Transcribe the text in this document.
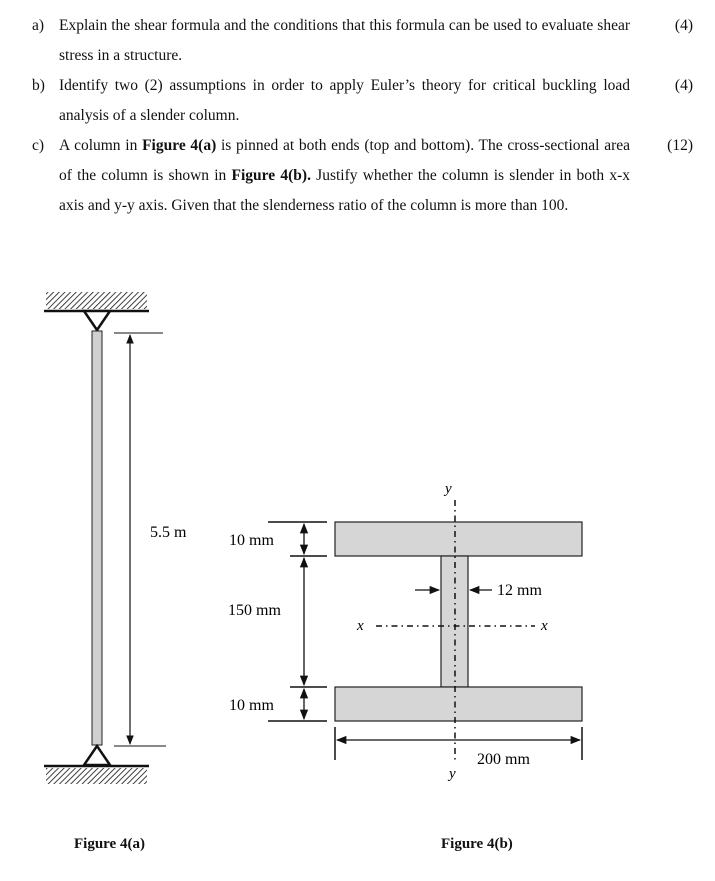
a) Explain the shear formula and the conditions that this formula can be used to evaluate shear stress in a structure.
(4)
b) Identify two (2) assumptions in order to apply Euler’s theory for critical buckling load analysis of a slender column.
(4)
c) A column in Figure 4(a) is pinned at both ends (top and bottom). The cross-sectional area of the column is shown in Figure 4(b). Justify whether the column is slender in both x-x axis and y-y axis. Given that the slenderness ratio of the column is more than 100.
(12)
5.5 m
y
y
x	x
10 mm
150 mm
10 mm
12 mm
200 mm
Figure 4(a)	Figure 4(b)
